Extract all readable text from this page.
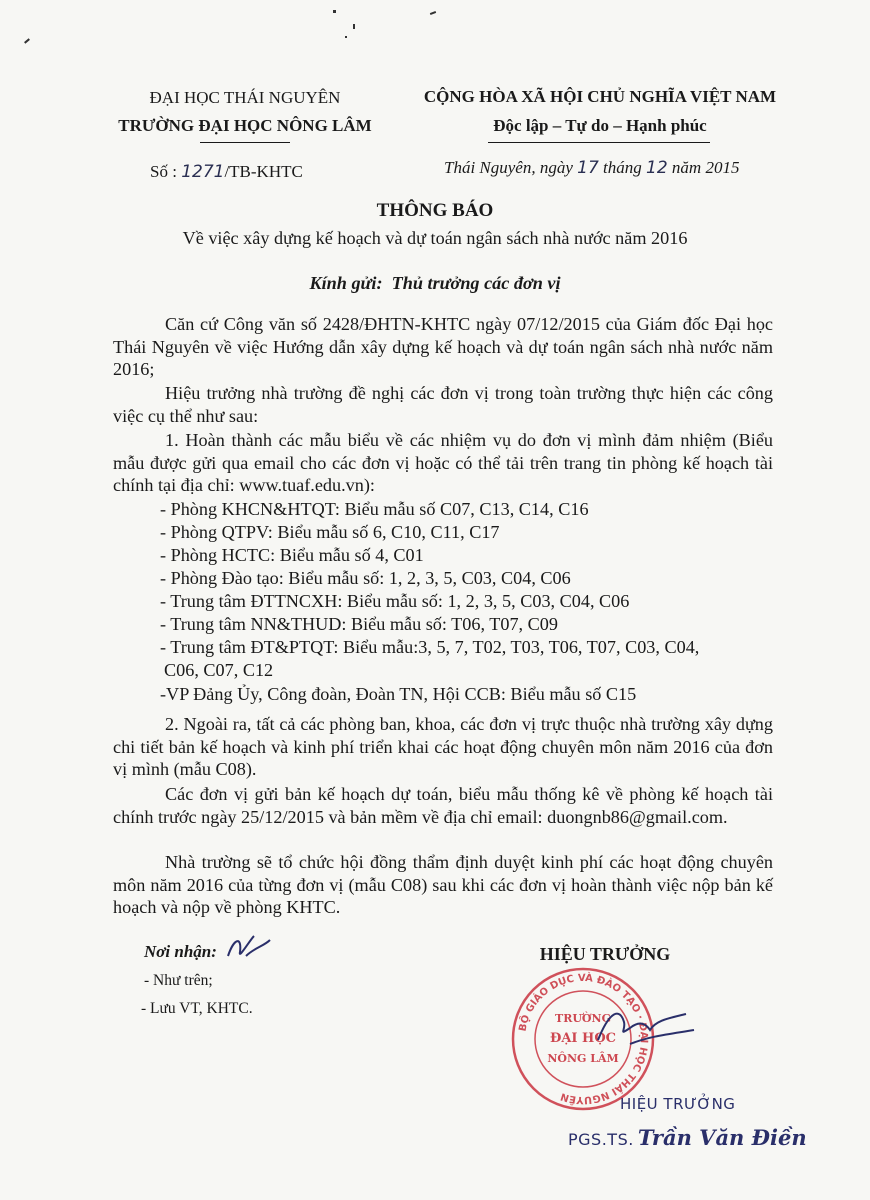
ĐẠI HỌC THÁI NGUYÊN
TRƯỜNG ĐẠI HỌC NÔNG LÂM
Số : 1271/TB-KHTC
CỘNG HÒA XÃ HỘI CHỦ NGHĨA VIỆT NAM
Độc lập – Tự do – Hạnh phúc
Thái Nguyên, ngày 17 tháng 12 năm 2015
THÔNG BÁO
Về việc xây dựng kế hoạch và dự toán ngân sách nhà nước năm 2016
Kính gửi: Thủ trưởng các đơn vị
Căn cứ Công văn số 2428/ĐHTN-KHTC ngày 07/12/2015 của Giám đốc Đại học Thái Nguyên về việc Hướng dẫn xây dựng kế hoạch và dự toán ngân sách nhà nước năm 2016;
Hiệu trưởng nhà trường đề nghị các đơn vị trong toàn trường thực hiện các công việc cụ thể như sau:
1. Hoàn thành các mẫu biểu về các nhiệm vụ do đơn vị mình đảm nhiệm (Biểu mẫu được gửi qua email cho các đơn vị hoặc có thể tải trên trang tin phòng kế hoạch tài chính tại địa chỉ: www.tuaf.edu.vn):
- Phòng KHCN&HTQT: Biểu mẫu số C07, C13, C14, C16
- Phòng QTPV: Biểu mẫu số 6, C10, C11, C17
- Phòng HCTC: Biểu mẫu số 4, C01
- Phòng Đào tạo: Biểu mẫu số: 1, 2, 3, 5, C03, C04, C06
- Trung tâm ĐTTNCXH: Biểu mẫu số: 1, 2, 3, 5, C03, C04, C06
- Trung tâm NN&THUD: Biểu mẫu số: T06, T07, C09
- Trung tâm ĐT&PTQT: Biểu mẫu:3, 5, 7, T02, T03, T06, T07, C03, C04,
C06, C07, C12
-VP Đảng Ủy, Công đoàn, Đoàn TN, Hội CCB: Biểu mẫu số C15
2. Ngoài ra, tất cả các phòng ban, khoa, các đơn vị trực thuộc nhà trường xây dựng chi tiết bản kế hoạch và kinh phí triển khai các hoạt động chuyên môn năm 2016 của đơn vị mình (mẫu C08).
Các đơn vị gửi bản kế hoạch dự toán, biểu mẫu thống kê về phòng kế hoạch tài chính trước ngày 25/12/2015 và bản mềm về địa chỉ email: duongnb86@gmail.com.
Nhà trường sẽ tổ chức hội đồng thẩm định duyệt kinh phí các hoạt động chuyên môn năm 2016 của từng đơn vị (mẫu C08) sau khi các đơn vị hoàn thành việc nộp bản kế hoạch và nộp về phòng KHTC.
Nơi nhận:
- Như trên;
- Lưu VT, KHTC.
HIỆU TRƯỞNG
BỘ GIÁO DỤC VÀ ĐÀO TẠO · ĐẠI HỌC THÁI NGUYÊN
TRƯỜNG
ĐẠI HỌC
NÔNG LÂM
HIỆU TRƯỞNG
PGS.TS. Trần Văn Điền
